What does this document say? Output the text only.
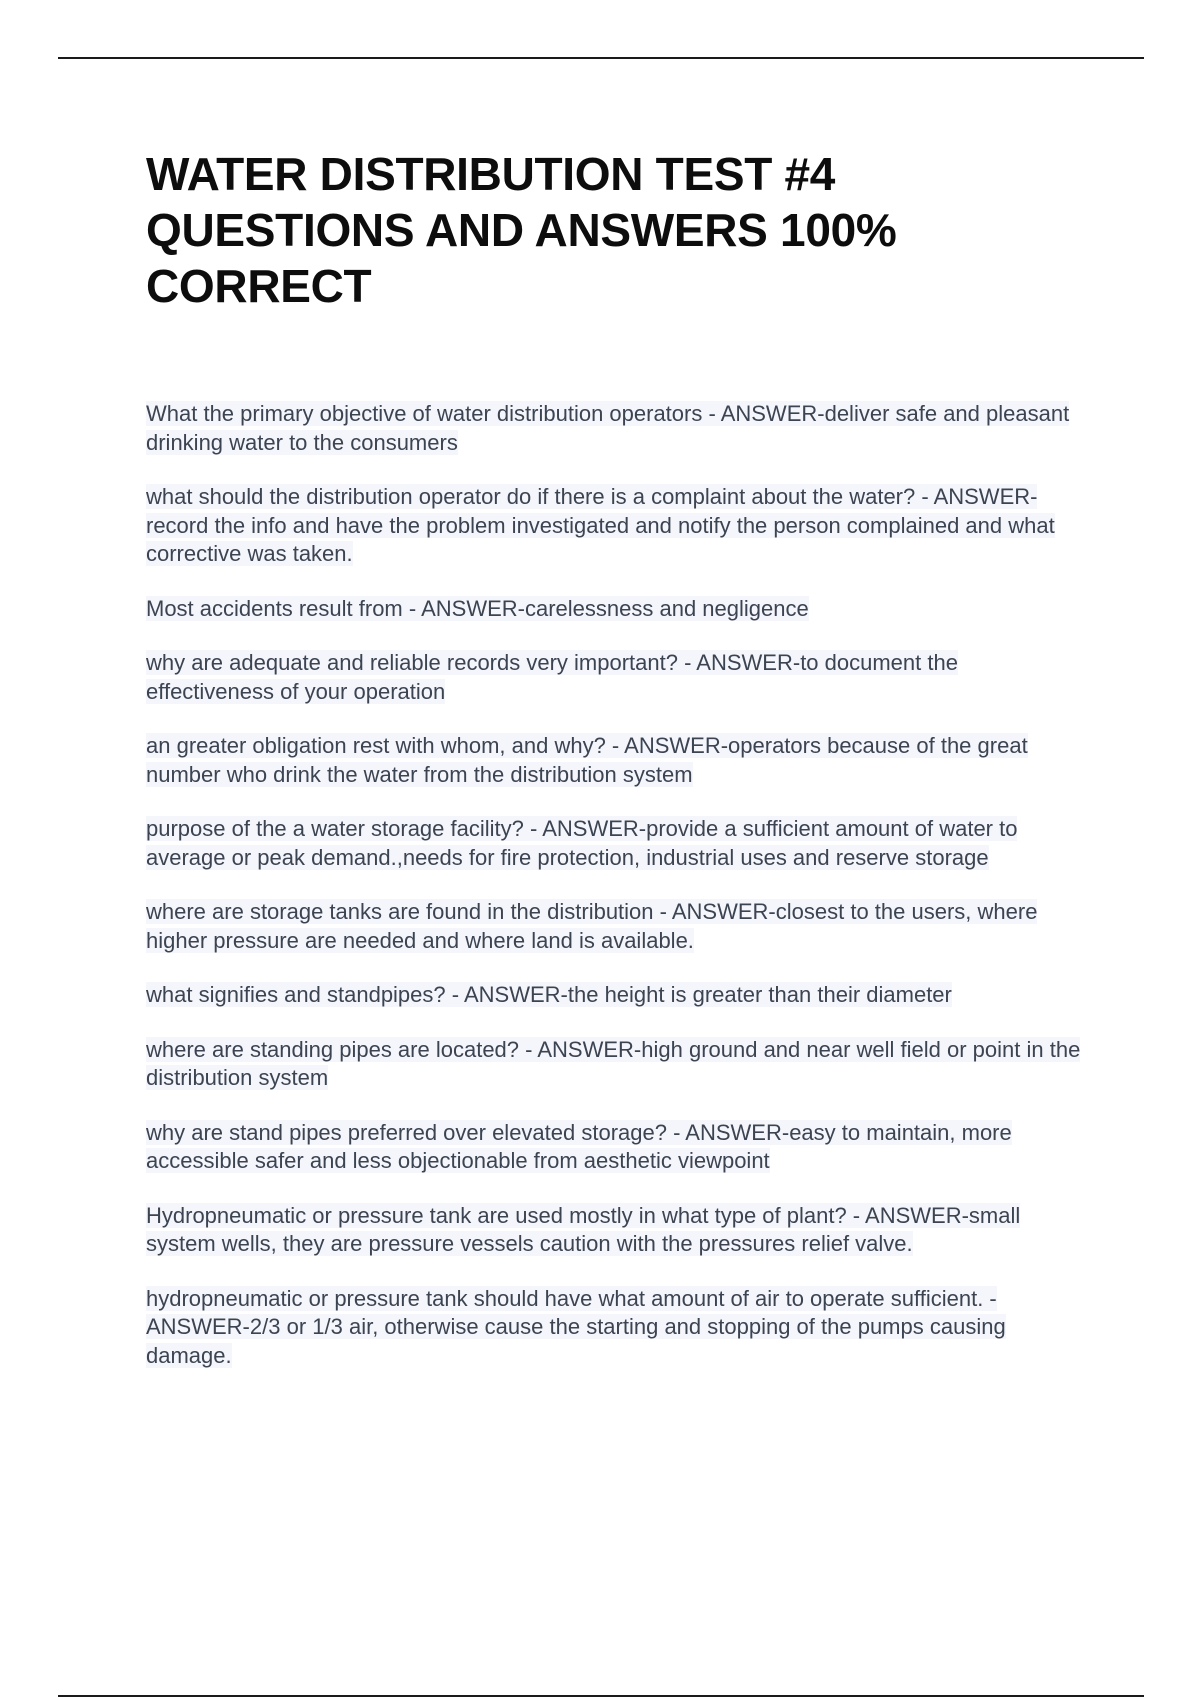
WATER DISTRIBUTION TEST #4 QUESTIONS AND ANSWERS 100% CORRECT

What the primary objective of water distribution operators - ANSWER-deliver safe and pleasant drinking water to the consumers

what should the distribution operator do if there is a complaint about the water? - ANSWER-record the info and have the problem investigated and notify the person complained and what corrective was taken.

Most accidents result from - ANSWER-carelessness and negligence

why are adequate and reliable records very important? - ANSWER-to document the effectiveness of your operation

an greater obligation rest with whom, and why? - ANSWER-operators because of the great number who drink the water from the distribution system

purpose of the a water storage facility? - ANSWER-provide a sufficient amount of water to average or peak demand.,needs for fire protection, industrial uses and reserve storage

where are storage tanks are found in the distribution - ANSWER-closest to the users, where higher pressure are needed and where land is available.

what signifies and standpipes? - ANSWER-the height is greater than their diameter

where are standing pipes are located? - ANSWER-high ground and near well field or point in the distribution system

why are stand pipes preferred over elevated storage? - ANSWER-easy to maintain, more accessible safer and less objectionable from aesthetic viewpoint

Hydropneumatic or pressure tank are used mostly in what type of plant? - ANSWER-small system wells, they are pressure vessels caution with the pressures relief valve.

hydropneumatic or pressure tank should have what amount of air to operate sufficient. - ANSWER-2/3 or 1/3 air, otherwise cause the starting and stopping of the pumps causing damage.
